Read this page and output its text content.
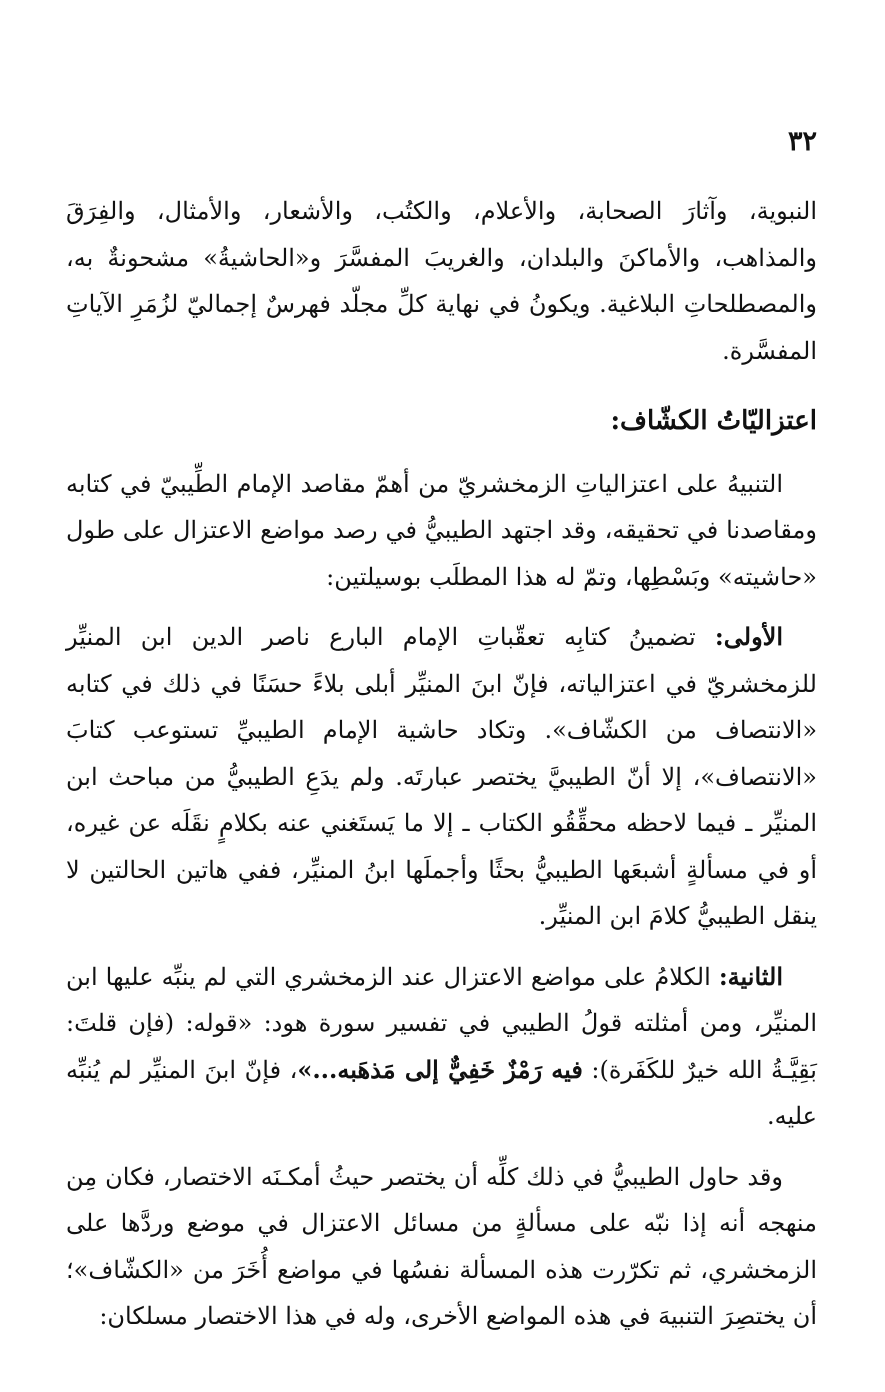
٣٢

النبوية، وآثارَ الصحابة، والأعلام، والكتُب، والأشعار، والأمثال، والفِرَقَ والمذاهب، والأماكنَ والبلدان، والغريبَ المفسَّرَ و«الحاشيةُ» مشحونةٌ به، والمصطلحاتِ البلاغية. ويكونُ في نهاية كلِّ مجلّد فهرسٌ إجماليّ لزُمَرِ الآياتِ المفسَّرة.

اعتزاليّاتُ الكشّاف:

التنبيهُ على اعتزالياتِ الزمخشريّ من أهمّ مقاصد الإمام الطِّيبيّ في كتابه ومقاصدنا في تحقيقه، وقد اجتهد الطيبيُّ في رصد مواضع الاعتزال على طول «حاشيته» وبَسْطِها، وتمّ له هذا المطلَب بوسيلتين:

الأولى: تضمينُ كتابِه تعقّباتِ الإمام البارع ناصر الدين ابن المنيِّر للزمخشريّ في اعتزالياته، فإنّ ابنَ المنيِّر أبلى بلاءً حسَنًا في ذلك في كتابه «الانتصاف من الكشّاف». وتكاد حاشية الإمام الطيبيِّ تستوعب كتابَ «الانتصاف»، إلا أنّ الطيبيَّ يختصر عبارتَه. ولم يدَعِ الطيبيُّ من مباحث ابن المنيِّر ـ فيما لاحظه محقِّقُو الكتاب ـ إلا ما يَستَغني عنه بكلامٍ نقَلَه عن غيره، أو في مسألةٍ أشبعَها الطيبيُّ بحثًا وأجملَها ابنُ المنيِّر، ففي هاتين الحالتين لا ينقل الطيبيُّ كلامَ ابن المنيِّر.

الثانية: الكلامُ على مواضع الاعتزال عند الزمخشري التي لم ينبِّه عليها ابن المنيِّر، ومن أمثلته قولُ الطيبي في تفسير سورة هود: «قوله: (فإن قلتَ: بَقِيَّـةُ الله خيرٌ للكَفَرة): فيه رَمْزٌ خَفِيٌّ إلى مَذهَبه...»، فإنّ ابنَ المنيِّر لم يُنبِّه عليه.

وقد حاول الطيبيُّ في ذلك كلِّه أن يختصر حيثُ أمكـنَه الاختصار، فكان مِن منهجه أنه إذا نبّه على مسألةٍ من مسائل الاعتزال في موضع وردَّها على الزمخشري، ثم تكرّرت هذه المسألة نفسُها في مواضع أُخَرَ من «الكشّاف»؛ أن يختصِرَ التنبيهَ في هذه المواضع الأخرى، وله في هذا الاختصار مسلكان:
